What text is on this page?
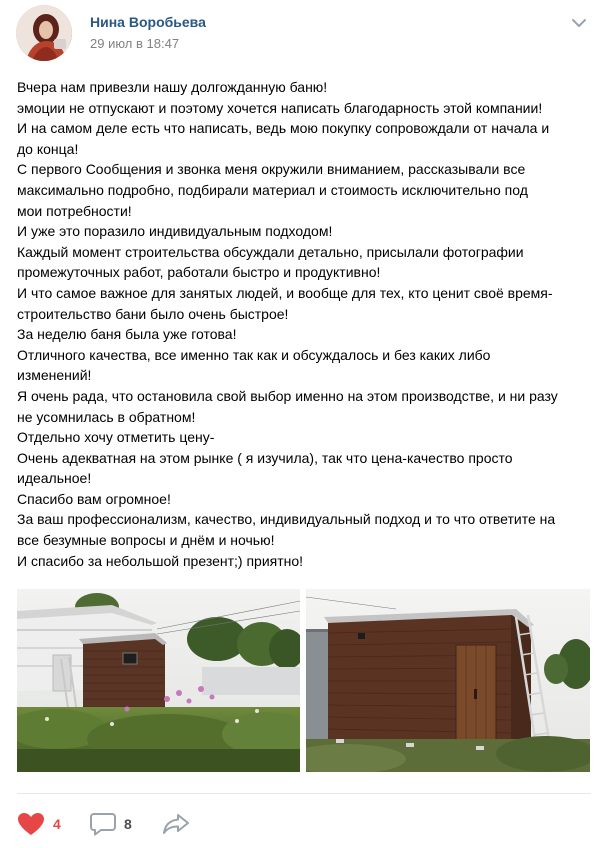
Нина Воробьева
29 июл в 18:47
Вчера нам привезли нашу долгожданную баню!
эмоции не отпускают и поэтому хочется написать благодарность этой компании!
И на самом деле есть что написать, ведь мою покупку сопровождали от начала и
до конца!
С первого Сообщения и звонка меня окружили вниманием, рассказывали все
максимально подробно, подбирали материал и стоимость исключительно под
мои потребности!
И уже это поразило индивидуальным подходом!
Каждый момент строительства обсуждали детально, присылали фотографии
промежуточных работ, работали быстро и продуктивно!
И что самое важное для занятых людей, и вообще для тех, кто ценит своё время-
строительство бани было очень быстрое!
За неделю баня была уже готова!
Отличного качества, все именно так как и обсуждалось и без каких либо
изменений!
Я очень рада, что остановила свой выбор именно на этом производстве, и ни разу
не усомнилась в обратном!
Отдельно хочу отметить цену-
Очень адекватная на этом рынке ( я изучила), так что цена-качество просто
идеальное!
Спасибо вам огромное!
За ваш профессионализм, качество, индивидуальный подход и то что ответите на
все безумные вопросы и днём и ночью!
И спасибо за небольшой презент;) приятно!
4	8
